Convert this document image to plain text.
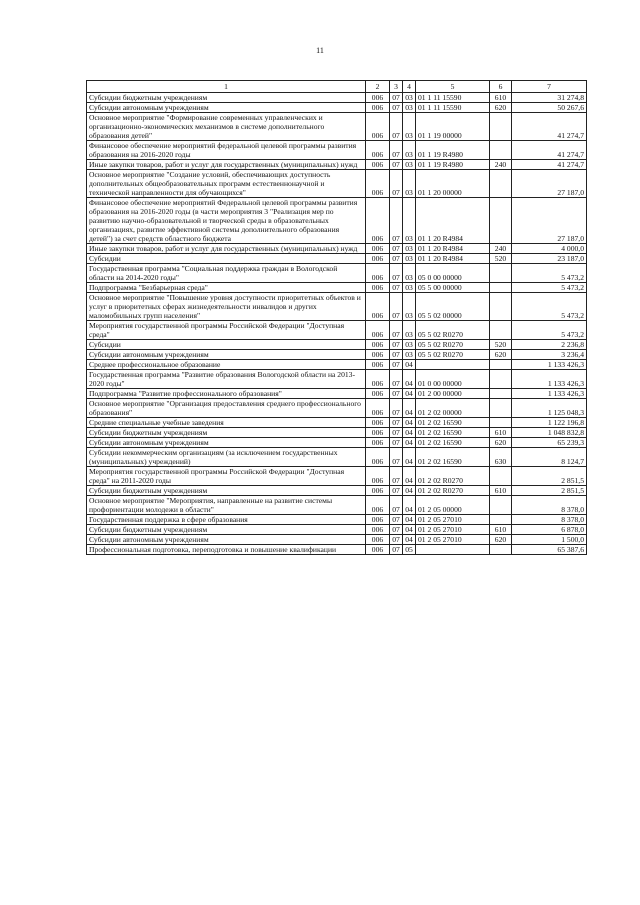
11
1	2	3	4	5	6	7
Субсидии бюджетным учреждениям	006	07	03	01 1 11 15590	610	31 274,8
Субсидии автономным учреждениям	006	07	03	01 1 11 15590	620	50 267,6
Основное мероприятие "Формирование современных управленческих и организационно-экономических механизмов в системе дополнительного образования детей"	006	07	03	01 1 19 00000		41 274,7
Финансовое обеспечение мероприятий федеральной целевой программы развития образования на 2016-2020 годы	006	07	03	01 1 19 R4980		41 274,7
Иные закупки товаров, работ и услуг для государственных (муниципальных) нужд	006	07	03	01 1 19 R4980	240	41 274,7
Основное мероприятие "Создание условий, обеспечивающих доступность дополнительных общеобразовательных программ естественнонаучной и технической направленности для обучающихся"	006	07	03	01 1 20 00000		27 187,0
Финансовое обеспечение мероприятий Федеральной целевой программы развития образования на 2016-2020 годы (в части мероприятия 3 "Реализация мер по развитию научно-образовательной и творческой среды в образовательных организациях, развитие эффективной системы дополнительного образования детей") за счет средств областного бюджета	006	07	03	01 1 20 R4984		27 187,0
Иные закупки товаров, работ и услуг для государственных (муниципальных) нужд	006	07	03	01 1 20 R4984	240	4 000,0
Субсидии	006	07	03	01 1 20 R4984	520	23 187,0
Государственная программа "Социальная поддержка граждан в Вологодской области на 2014-2020 годы"	006	07	03	05 0 00 00000		5 473,2
Подпрограмма "Безбарьерная среда"	006	07	03	05 5 00 00000		5 473,2
Основное мероприятие "Повышение уровня доступности приоритетных объектов и услуг в приоритетных сферах жизнедеятельности инвалидов и других маломобильных групп населения"	006	07	03	05 5 02 00000		5 473,2
Мероприятия государственной программы Российской Федерации "Доступная среда"	006	07	03	05 5 02 R0270		5 473,2
Субсидии	006	07	03	05 5 02 R0270	520	2 236,8
Субсидии автономным учреждениям	006	07	03	05 5 02 R0270	620	3 236,4
Среднее профессиональное образование	006	07	04			1 133 426,3
Государственная программа "Развитие образования Вологодской области на 2013-2020 годы"	006	07	04	01 0 00 00000		1 133 426,3
Подпрограмма "Развитие профессионального образования"	006	07	04	01 2 00 00000		1 133 426,3
Основное мероприятие "Организация предоставления среднего профессионального образования"	006	07	04	01 2 02 00000		1 125 048,3
Средние специальные учебные заведения	006	07	04	01 2 02 16590		1 122 196,8
Субсидии бюджетным учреждениям	006	07	04	01 2 02 16590	610	1 048 832,8
Субсидии автономным учреждениям	006	07	04	01 2 02 16590	620	65 239,3
Субсидии некоммерческим организациям (за исключением государственных (муниципальных) учреждений)	006	07	04	01 2 02 16590	630	8 124,7
Мероприятия государственной программы Российской Федерации "Доступная среда" на 2011-2020 годы	006	07	04	01 2 02 R0270		2 851,5
Субсидии бюджетным учреждениям	006	07	04	01 2 02 R0270	610	2 851,5
Основное мероприятие "Мероприятия, направленные на развитие системы профориентации молодежи в области"	006	07	04	01 2 05 00000		8 378,0
Государственная поддержка в сфере образования	006	07	04	01 2 05 27010		8 378,0
Субсидии бюджетным учреждениям	006	07	04	01 2 05 27010	610	6 878,0
Субсидии автономным учреждениям	006	07	04	01 2 05 27010	620	1 500,0
Профессиональная подготовка, переподготовка и повышение квалификации	006	07	05			65 387,6
